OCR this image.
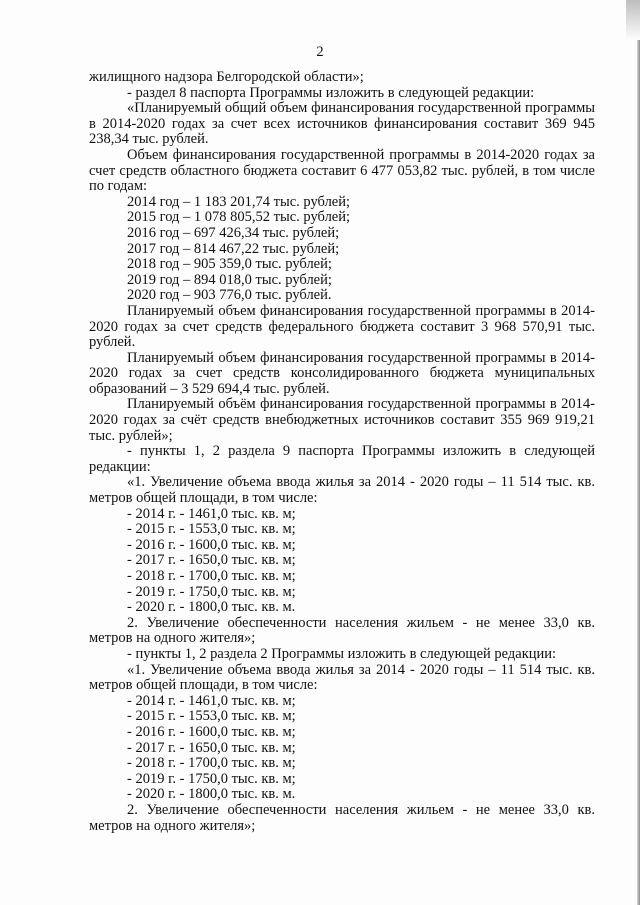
2

жилищного надзора Белгородской области»;

- раздел 8 паспорта Программы изложить в следующей редакции:

«Планируемый общий объем финансирования государственной программы в 2014-2020 годах за счет всех источников финансирования составит 369 945 238,34 тыс. рублей.

Объем финансирования государственной программы в 2014-2020 годах за счет средств областного бюджета составит 6 477 053,82 тыс. рублей, в том числе по годам:

2014 год – 1 183 201,74 тыс. рублей;
2015 год – 1 078 805,52 тыс. рублей;
2016 год – 697 426,34 тыс. рублей;
2017 год – 814 467,22 тыс. рублей;
2018 год – 905 359,0 тыс. рублей;
2019 год – 894 018,0 тыс. рублей;
2020 год – 903 776,0 тыс. рублей.

Планируемый объем финансирования государственной программы в 2014-2020 годах за счет средств федерального бюджета составит 3 968 570,91 тыс. рублей.

Планируемый объем финансирования государственной программы в 2014-2020 годах за счет средств консолидированного бюджета муниципальных образований – 3 529 694,4 тыс. рублей.

Планируемый объём финансирования государственной программы в 2014-2020 годах за счёт средств внебюджетных источников составит 355 969 919,21 тыс. рублей»;

- пункты 1, 2 раздела 9 паспорта Программы изложить в следующей редакции:

«1. Увеличение объема ввода жилья за 2014 - 2020 годы – 11 514 тыс. кв. метров общей площади, в том числе:

- 2014 г. - 1461,0 тыс. кв. м;
- 2015 г. - 1553,0 тыс. кв. м;
- 2016 г. - 1600,0 тыс. кв. м;
- 2017 г. - 1650,0 тыс. кв. м;
- 2018 г. - 1700,0 тыс. кв. м;
- 2019 г. - 1750,0 тыс. кв. м;
- 2020 г. - 1800,0 тыс. кв. м.

2. Увеличение обеспеченности населения жильем - не менее 33,0 кв. метров на одного жителя»;

- пункты 1, 2 раздела 2 Программы изложить в следующей редакции:

«1. Увеличение объема ввода жилья за 2014 - 2020 годы – 11 514 тыс. кв. метров общей площади, в том числе:

- 2014 г. - 1461,0 тыс. кв. м;
- 2015 г. - 1553,0 тыс. кв. м;
- 2016 г. - 1600,0 тыс. кв. м;
- 2017 г. - 1650,0 тыс. кв. м;
- 2018 г. - 1700,0 тыс. кв. м;
- 2019 г. - 1750,0 тыс. кв. м;
- 2020 г. - 1800,0 тыс. кв. м.

2. Увеличение обеспеченности населения жильем - не менее 33,0 кв. метров на одного жителя»;
